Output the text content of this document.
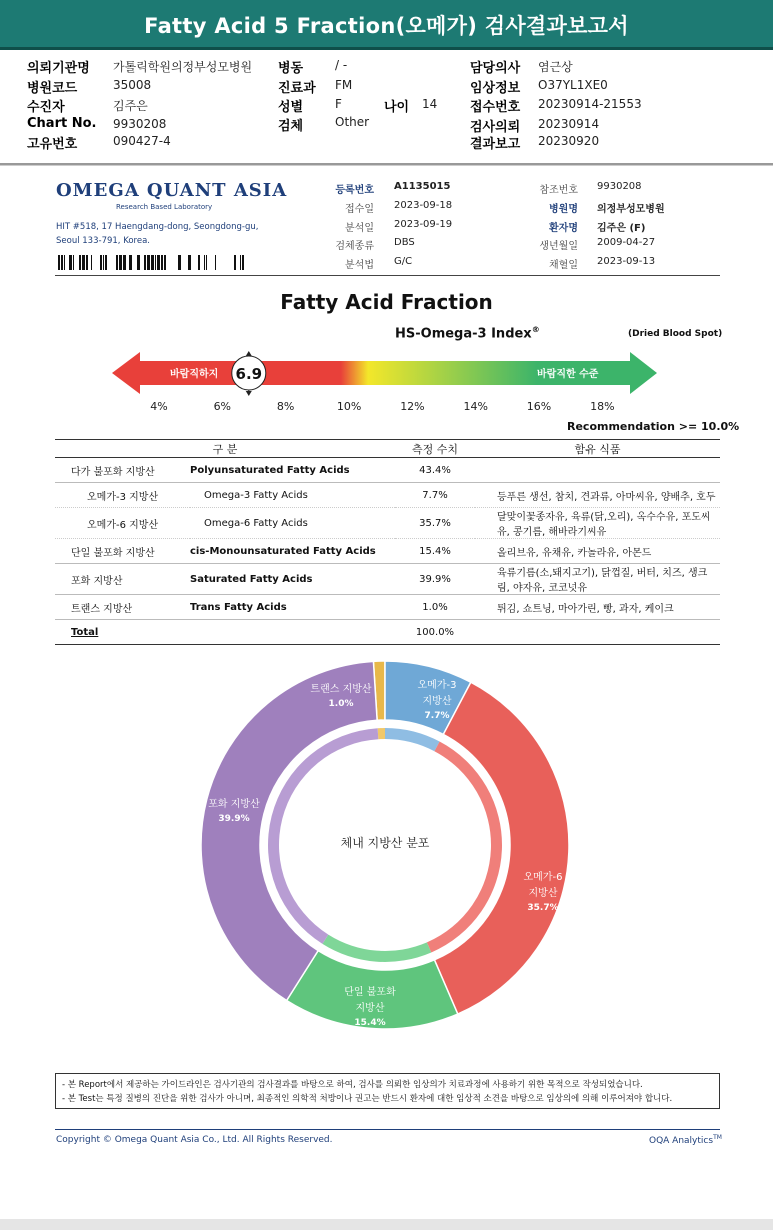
Fatty Acid 5 Fraction(오메가) 검사결과보고서
의뢰기관명 가톨릭학원의정부성모병원
병원코드	35008
수진자	김주은
Chart No. 9930208
고유번호	090427-4
병동	/ -
진료과 FM
성별	F	나이 14
검체	Other
담당의사 염근상
임상정보 O37YL1XE0
접수번호 20230914-21553
검사의뢰 20230914
결과보고 20230920
OMEGA QUANT ASIA
Research Based Laboratory
HIT #518, 17 Haengdang-dong, Seongdong-gu,
Seoul 133-791, Korea.
등록번호 A1135015
접수일 2023-09-18
분석일 2023-09-19
검체종류 DBS
분석법 G/C
참조번호 9930208
병원명 의정부성모병원
환자명 김주은 (F)
생년월일 2009-04-27
채혈일 2023-09-13
Fatty Acid Fraction
HS-Omega-3 Index®	(Dried Blood Spot)
바람직하지	바람직한 수준
6.9
4%	6%	8%	10%	12%	14%	16%	18%
Recommendation >= 10.0%
구 분		측정 수치	함유 식품
다가 불포화 지방산	Polyunsaturated Fatty Acids	43.4%	
오메가-3 지방산	Omega-3 Fatty Acids	7.7%	등푸른 생선, 참치, 견과류, 아마씨유, 양배추, 호두
오메가-6 지방산	Omega-6 Fatty Acids	35.7%	달맞이꽃종자유, 육류(닭,오리), 옥수수유, 포도씨유, 콩기름, 해바라기씨유
단일 불포화 지방산	cis-Monounsaturated Fatty Acids	15.4%	올리브유, 유채유, 카놀라유, 아몬드
포화 지방산	Saturated Fatty Acids	39.9%	육류기름(소,돼지고기), 닭껍질, 버터, 치즈, 생크림, 야자유, 코코넛유
트랜스 지방산	Trans Fatty Acids	1.0%	튀김, 쇼트닝, 마아가린, 빵, 과자, 케이크
Total		100.0%	
오메가-3 지방산 7.7%
오메가-6 지방산 35.7%
단일 불포화 지방산 15.4%
포화 지방산 39.9%
트랜스 지방산 1.0%
체내 지방산 분포
- 본 Report에서 제공하는 가이드라인은 검사기관의 검사결과를 바탕으로 하여, 검사를 의뢰한 임상의가 치료과정에 사용하기 위한 목적으로 작성되었습니다.
- 본 Test는 특정 질병의 진단을 위한 검사가 아니며, 최종적인 의학적 처방이나 권고는 반드시 환자에 대한 임상적 소견을 바탕으로 임상의에 의해 이루어져야 합니다.
Copyright © Omega Quant Asia Co., Ltd. All Rights Reserved.	OQA Analytics™
